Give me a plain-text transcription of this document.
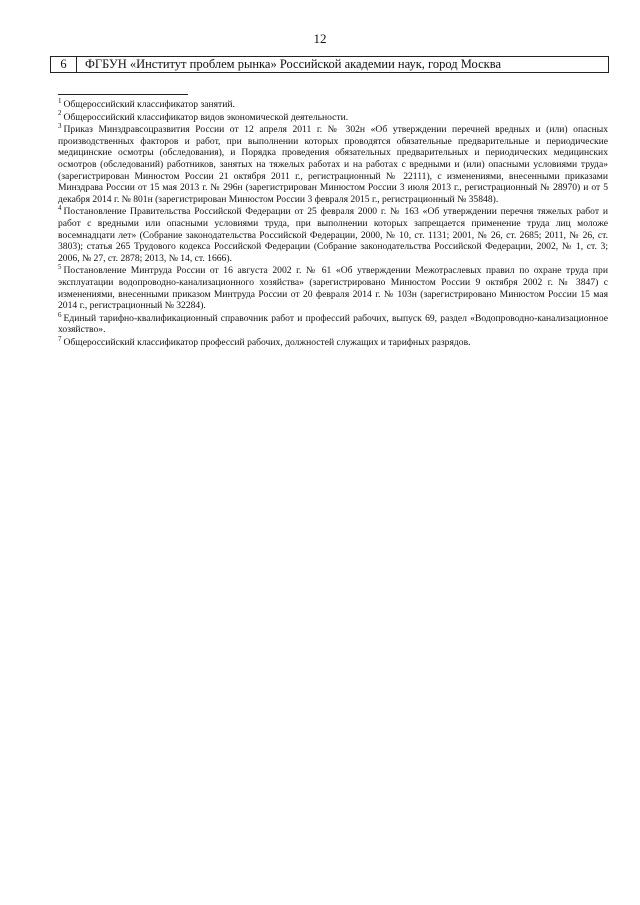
12
6	ФГБУН «Институт проблем рынка» Российской академии наук, город Москва
$^1$ Общероссийский классификатор занятий.
$^2$ Общероссийский классификатор видов экономической деятельности.
$^3$ Приказ Минздравсоцразвития России от 12 апреля 2011 г. № 302н «Об утверждении перечней вредных и (или) опасных производственных факторов и работ, при выполнении которых проводятся обязательные предварительные и периодические медицинские осмотры (обследования), и Порядка проведения обязательных предварительных и периодических медицинских осмотров (обследований) работников, занятых на тяжелых работах и на работах с вредными и (или) опасными условиями труда» (зарегистрирован Минюстом России 21 октября 2011 г., регистрационный № 22111), с изменениями, внесенными приказами Минздрава России от 15 мая 2013 г. № 296н (зарегистрирован Минюстом России 3 июля 2013 г., регистрационный № 28970) и от 5 декабря 2014 г. № 801н (зарегистрирован Минюстом России 3 февраля 2015 г., регистрационный № 35848).
$^4$ Постановление Правительства Российской Федерации от 25 февраля 2000 г. № 163 «Об утверждении перечня тяжелых работ и работ с вредными или опасными условиями труда, при выполнении которых запрещается применение труда лиц моложе восемнадцати лет» (Собрание законодательства Российской Федерации, 2000, № 10, ст. 1131; 2001, № 26, ст. 2685; 2011, № 26, ст. 3803); статья 265 Трудового кодекса Российской Федерации (Собрание законодательства Российской Федерации, 2002, № 1, ст. 3; 2006, № 27, ст. 2878; 2013, № 14, ст. 1666).
$^5$ Постановление Минтруда России от 16 августа 2002 г. № 61 «Об утверждении Межотраслевых правил по охране труда при эксплуатации водопроводно-канализационного хозяйства» (зарегистрировано Минюстом России 9 октября 2002 г. № 3847) с изменениями, внесенными приказом Минтруда России от 20 февраля 2014 г. № 103н (зарегистрировано Минюстом России 15 мая 2014 г., регистрационный № 32284).
$^6$ Единый тарифно-квалификационный справочник работ и профессий рабочих, выпуск 69, раздел «Водопроводно-канализационное хозяйство».
$^7$ Общероссийский классификатор профессий рабочих, должностей служащих и тарифных разрядов.
